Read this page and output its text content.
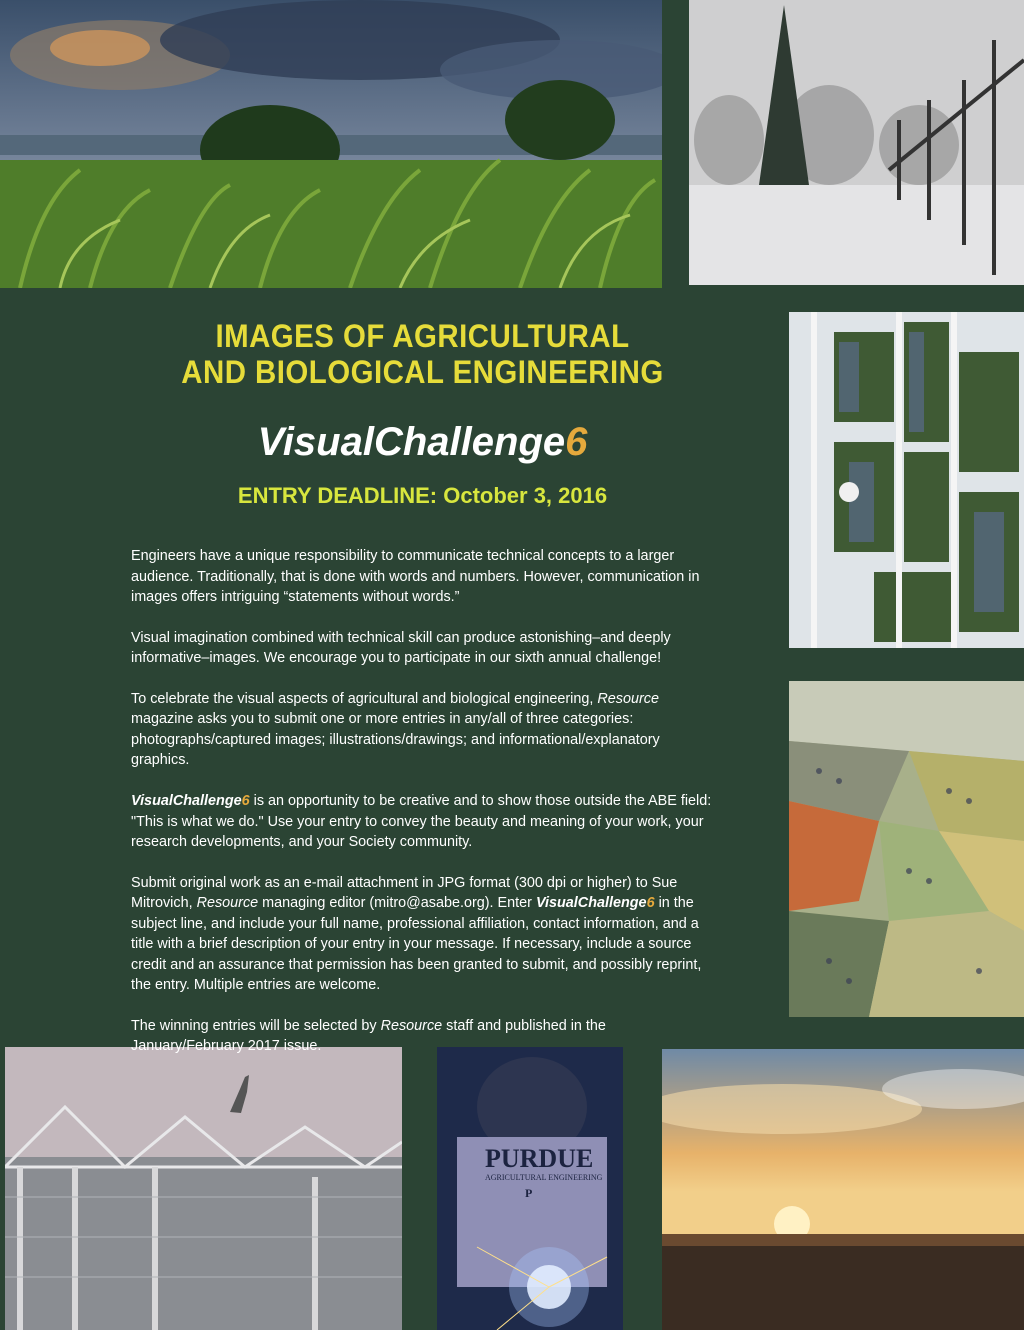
PURDUE
AGRICULTURAL ENGINEERING
P
IMAGES OF AGRICULTURAL
AND BIOLOGICAL ENGINEERING
VisualChallenge6
ENTRY DEADLINE: October 3, 2016

Engineers have a unique responsibility to communicate technical concepts to a larger audience. Traditionally, that is done with words and numbers. However, communication in images offers intriguing “statements without words.”

Visual imagination combined with technical skill can produce astonishing–and deeply informative–images. We encourage you to participate in our sixth annual challenge!

To celebrate the visual aspects of agricultural and biological engineering, Resource magazine asks you to submit one or more entries in any/all of three categories: photographs/captured images; illustrations/drawings; and informational/explanatory graphics.

VisualChallenge6 is an opportunity to be creative and to show those outside the ABE field: "This is what we do." Use your entry to convey the beauty and meaning of your work, your research developments, and your Society community.

Submit original work as an e-mail attachment in JPG format (300 dpi or higher) to Sue Mitrovich, Resource managing editor (mitro@asabe.org). Enter VisualChallenge6 in the subject line, and include your full name, professional affiliation, contact information, and a title with a brief description of your entry in your message. If necessary, include a source credit and an assurance that permission has been granted to submit, and possibly reprint, the entry. Multiple entries are welcome.

The winning entries will be selected by Resource staff and published in the January/February 2017 issue.
